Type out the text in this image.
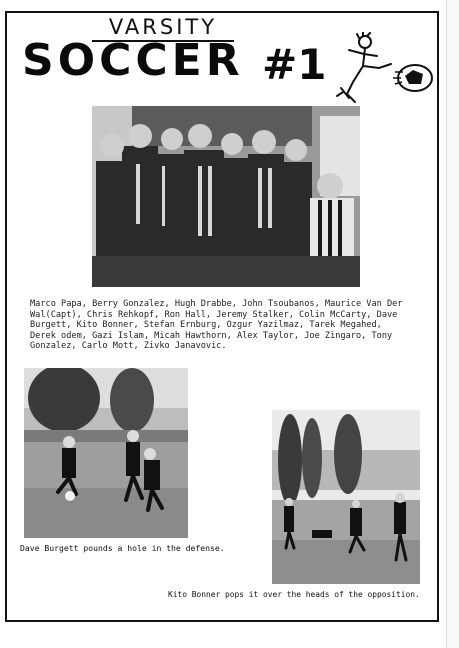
VARSITY
SOCCER #1
Marco Papa, Berry Gonzalez, Hugh Drabbe, John Tsoubanos, Maurice Van Der Wal(Capt), Chris Rehkopf, Ron Hall, Jeremy Stalker, Colin McCarty, Dave Burgett, Kito Bonner, Stefan Ernburg, Ozgur Yazilmaz, Tarek Megahed, Derek odem, Gazi Islam, Micah Hawthorn, Alex Taylor, Joe Zingaro, Tony Gonzalez, Carlo Mott, Zivko Janavovic.
Dave Burgett pounds a hole in the defense.
Kito Bonner pops it over the heads of the opposition.
